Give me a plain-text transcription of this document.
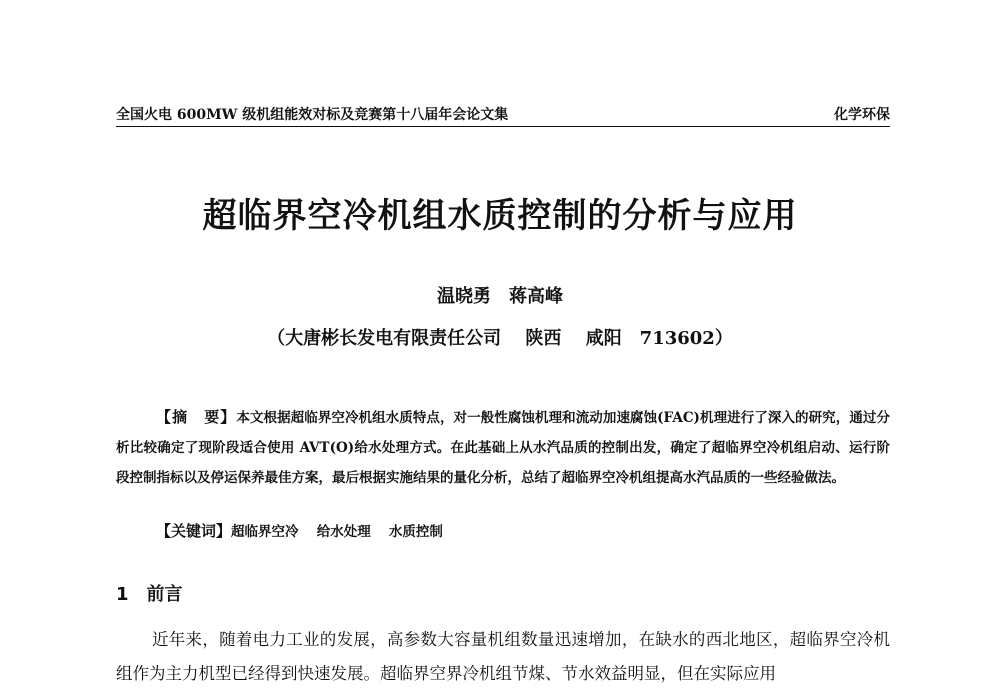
全国火电 600MW 级机组能效对标及竞赛第十八届年会论文集	化学环保
超临界空冷机组水质控制的分析与应用
温晓勇　蒋高峰
（大唐彬长发电有限责任公司　 陕西　 咸阳　713602）
【摘　要】本文根据超临界空冷机组水质特点，对一般性腐蚀机理和流动加速腐蚀(FAC)机理进行了深入的研究，通过分析比较确定了现阶段适合使用 AVT(O)给水处理方式。在此基础上从水汽品质的控制出发，确定了超临界空冷机组启动、运行阶段控制指标以及停运保养最佳方案，最后根据实施结果的量化分析，总结了超临界空冷机组提高水汽品质的一些经验做法。
【关键词】超临界空冷　 给水处理　 水质控制
1　前言
近年来，随着电力工业的发展，高参数大容量机组数量迅速增加，在缺水的西北地区，超临界空冷机组作为主力机型已经得到快速发展。超临界空界冷机组节煤、节水效益明显，但在实际应用
